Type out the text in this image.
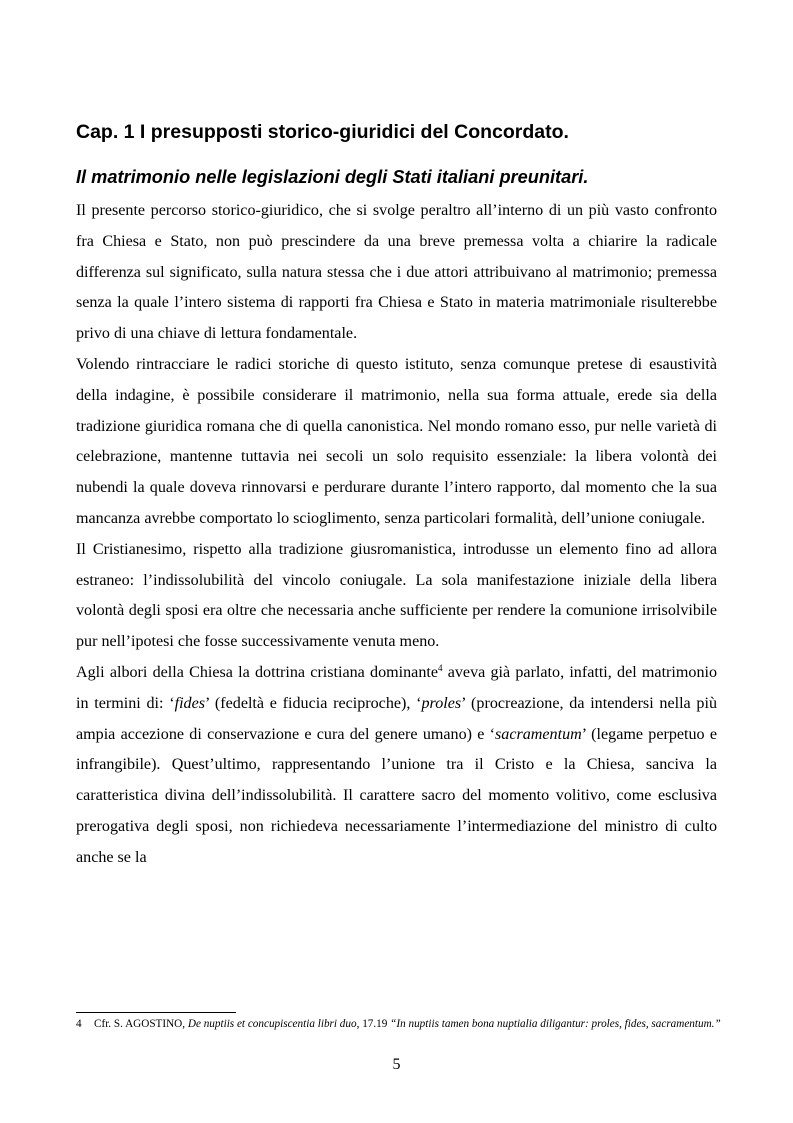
Cap. 1 I presupposti storico-giuridici del Concordato.
Il matrimonio nelle legislazioni degli Stati italiani preunitari.

Il presente percorso storico-giuridico, che si svolge peraltro all’interno di un più vasto confronto fra Chiesa e Stato, non può prescindere da una breve premessa volta a chiarire la radicale differenza sul significato, sulla natura stessa che i due attori attribuivano al matrimonio; premessa senza la quale l’intero sistema di rapporti fra Chiesa e Stato in materia matrimoniale risulterebbe privo di una chiave di lettura fondamentale.

Volendo rintracciare le radici storiche di questo istituto, senza comunque pretese di esaustività della indagine, è possibile considerare il matrimonio, nella sua forma attuale, erede sia della tradizione giuridica romana che di quella canonistica. Nel mondo romano esso, pur nelle varietà di celebrazione, mantenne tuttavia nei secoli un solo requisito essenziale: la libera volontà dei nubendi la quale doveva rinnovarsi e perdurare durante l’intero rapporto, dal momento che la sua mancanza avrebbe comportato lo scioglimento, senza particolari formalità, dell’unione coniugale.

Il Cristianesimo, rispetto alla tradizione giusromanistica, introdusse un elemento fino ad allora estraneo: l’indissolubilità del vincolo coniugale. La sola manifestazione iniziale della libera volontà degli sposi era oltre che necessaria anche sufficiente per rendere la comunione irrisolvibile pur nell’ipotesi che fosse successivamente venuta meno.

Agli albori della Chiesa la dottrina cristiana dominante$^4$ aveva già parlato, infatti, del matrimonio in termini di: ‘fides’ (fedeltà e fiducia reciproche), ‘proles’ (procreazione, da intendersi nella più ampia accezione di conservazione e cura del genere umano) e ‘sacramentum’ (legame perpetuo e infrangibile). Quest’ultimo, rappresentando l’unione tra il Cristo e la Chiesa, sanciva la caratteristica divina dell’indissolubilità. Il carattere sacro del momento volitivo, come esclusiva prerogativa degli sposi, non richiedeva necessariamente l’intermediazione del ministro di culto anche se la

4 Cfr. S. AGOSTINO, De nuptiis et concupiscentia libri duo, 17.19 “In nuptiis tamen bona nuptialia diligantur: proles, fides, sacramentum.”
5
